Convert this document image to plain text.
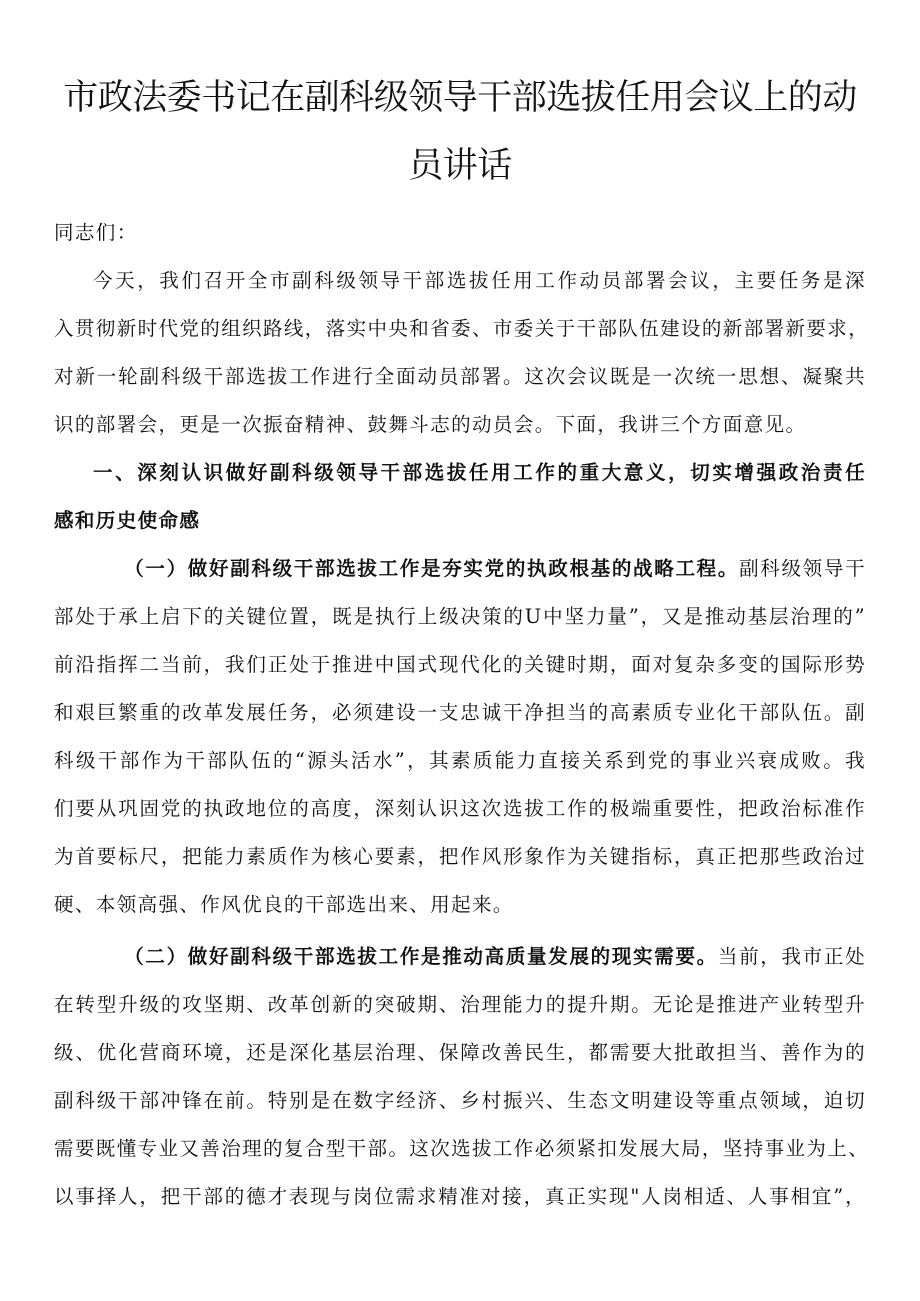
市政法委书记在副科级领导干部选拔任用会议上的动
员讲话

同志们：

今天，我们召开全市副科级领导干部选拔任用工作动员部署会议，主要任务是深
入贯彻新时代党的组织路线，落实中央和省委、市委关于干部队伍建设的新部署新要求，
对新一轮副科级干部选拔工作进行全面动员部署。这次会议既是一次统一思想、凝聚共
识的部署会，更是一次振奋精神、鼓舞斗志的动员会。下面，我讲三个方面意见。
一、深刻认识做好副科级领导干部选拔任用工作的重大意义，切实增强政治责任
感和历史使命感
（一）做好副科级干部选拔工作是夯实党的执政根基的战略工程。副科级领导干
部处于承上启下的关键位置，既是执行上级决策的U中坚力量”，又是推动基层治理的”
前沿指挥二当前，我们正处于推进中国式现代化的关键时期，面对复杂多变的国际形势
和艰巨繁重的改革发展任务，必须建设一支忠诚干净担当的高素质专业化干部队伍。副
科级干部作为干部队伍的“源头活水”，其素质能力直接关系到党的事业兴衰成败。我
们要从巩固党的执政地位的高度，深刻认识这次选拔工作的极端重要性，把政治标准作
为首要标尺，把能力素质作为核心要素，把作风形象作为关键指标，真正把那些政治过
硬、本领高强、作风优良的干部选出来、用起来。
（二）做好副科级干部选拔工作是推动高质量发展的现实需要。当前，我市正处
在转型升级的攻坚期、改革创新的突破期、治理能力的提升期。无论是推进产业转型升
级、优化营商环境，还是深化基层治理、保障改善民生，都需要大批敢担当、善作为的
副科级干部冲锋在前。特别是在数字经济、乡村振兴、生态文明建设等重点领域，迫切
需要既懂专业又善治理的复合型干部。这次选拔工作必须紧扣发展大局，坚持事业为上、
以事择人，把干部的德才表现与岗位需求精准对接，真正实现"人岗相适、人事相宜”，
